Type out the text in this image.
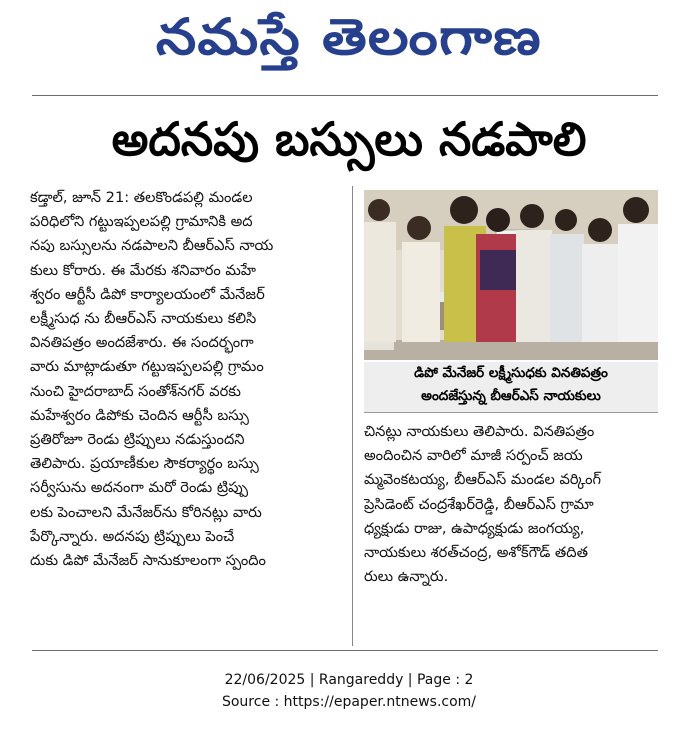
నమస్తే తెలంగాణ
అదనపు బస్సులు నడపాలి
కడ్తాల్, జూన్ 21: తలకొండపల్లి మండల
పరిధిలోని గట్టుఇప్పలపల్లి గ్రామానికి అద
నపు బస్సులను నడపాలని బీఆర్ఎస్ నాయ
కులు కోరారు. ఈ మేరకు శనివారం మహే
శ్వరం ఆర్టీసీ డిపో కార్యాలయంలో మేనేజర్
లక్ష్మీసుధ ను బీఆర్ఎస్ నాయకులు కలిసి
వినతిపత్రం అందజేశారు. ఈ సందర్భంగా
వారు మాట్లాడుతూ గట్టుఇప్పలపల్లి గ్రామం
నుంచి హైదరాబాద్ సంతోశ్‌నగర్ వరకు
మహేశ్వరం డిపోకు చెందిన ఆర్టీసీ బస్సు
ప్రతిరోజూ రెండు ట్రిప్పులు నడుస్తుందని
తెలిపారు. ప్రయాణీకుల సౌకర్యార్థం బస్సు
సర్వీసును అదనంగా మరో రెండు ట్రిప్పు
లకు పెంచాలని మేనేజర్‌ను కోరినట్లు వారు
పేర్కొన్నారు. అదనపు ట్రిప్పులు పెంచే
దుకు డిపో మేనేజర్ సానుకూలంగా స్పందిం
డిపో మేనేజర్ లక్ష్మీసుధకు వినతిపత్రం
అందజేస్తున్న బీఆర్ఎస్ నాయకులు
చినట్లు నాయకులు తెలిపారు. వినతిపత్రం
అందించిన వారిలో మాజీ సర్పంచ్ జయ
మ్మవెంకటయ్య, బీఆర్ఎస్ మండల వర్కింగ్
ప్రెసిడెంట్ చంద్రశేఖర్‌రెడ్డి, బీఆర్ఎస్ గ్రామా
ధ్యక్షుడు రాజు, ఉపాధ్యక్షుడు జంగయ్య,
నాయకులు శరత్‌చంద్ర, అశోక్‌గౌడ్ తదిత
రులు ఉన్నారు.
22/06/2025 | Rangareddy | Page : 2
Source : https://epaper.ntnews.com/
